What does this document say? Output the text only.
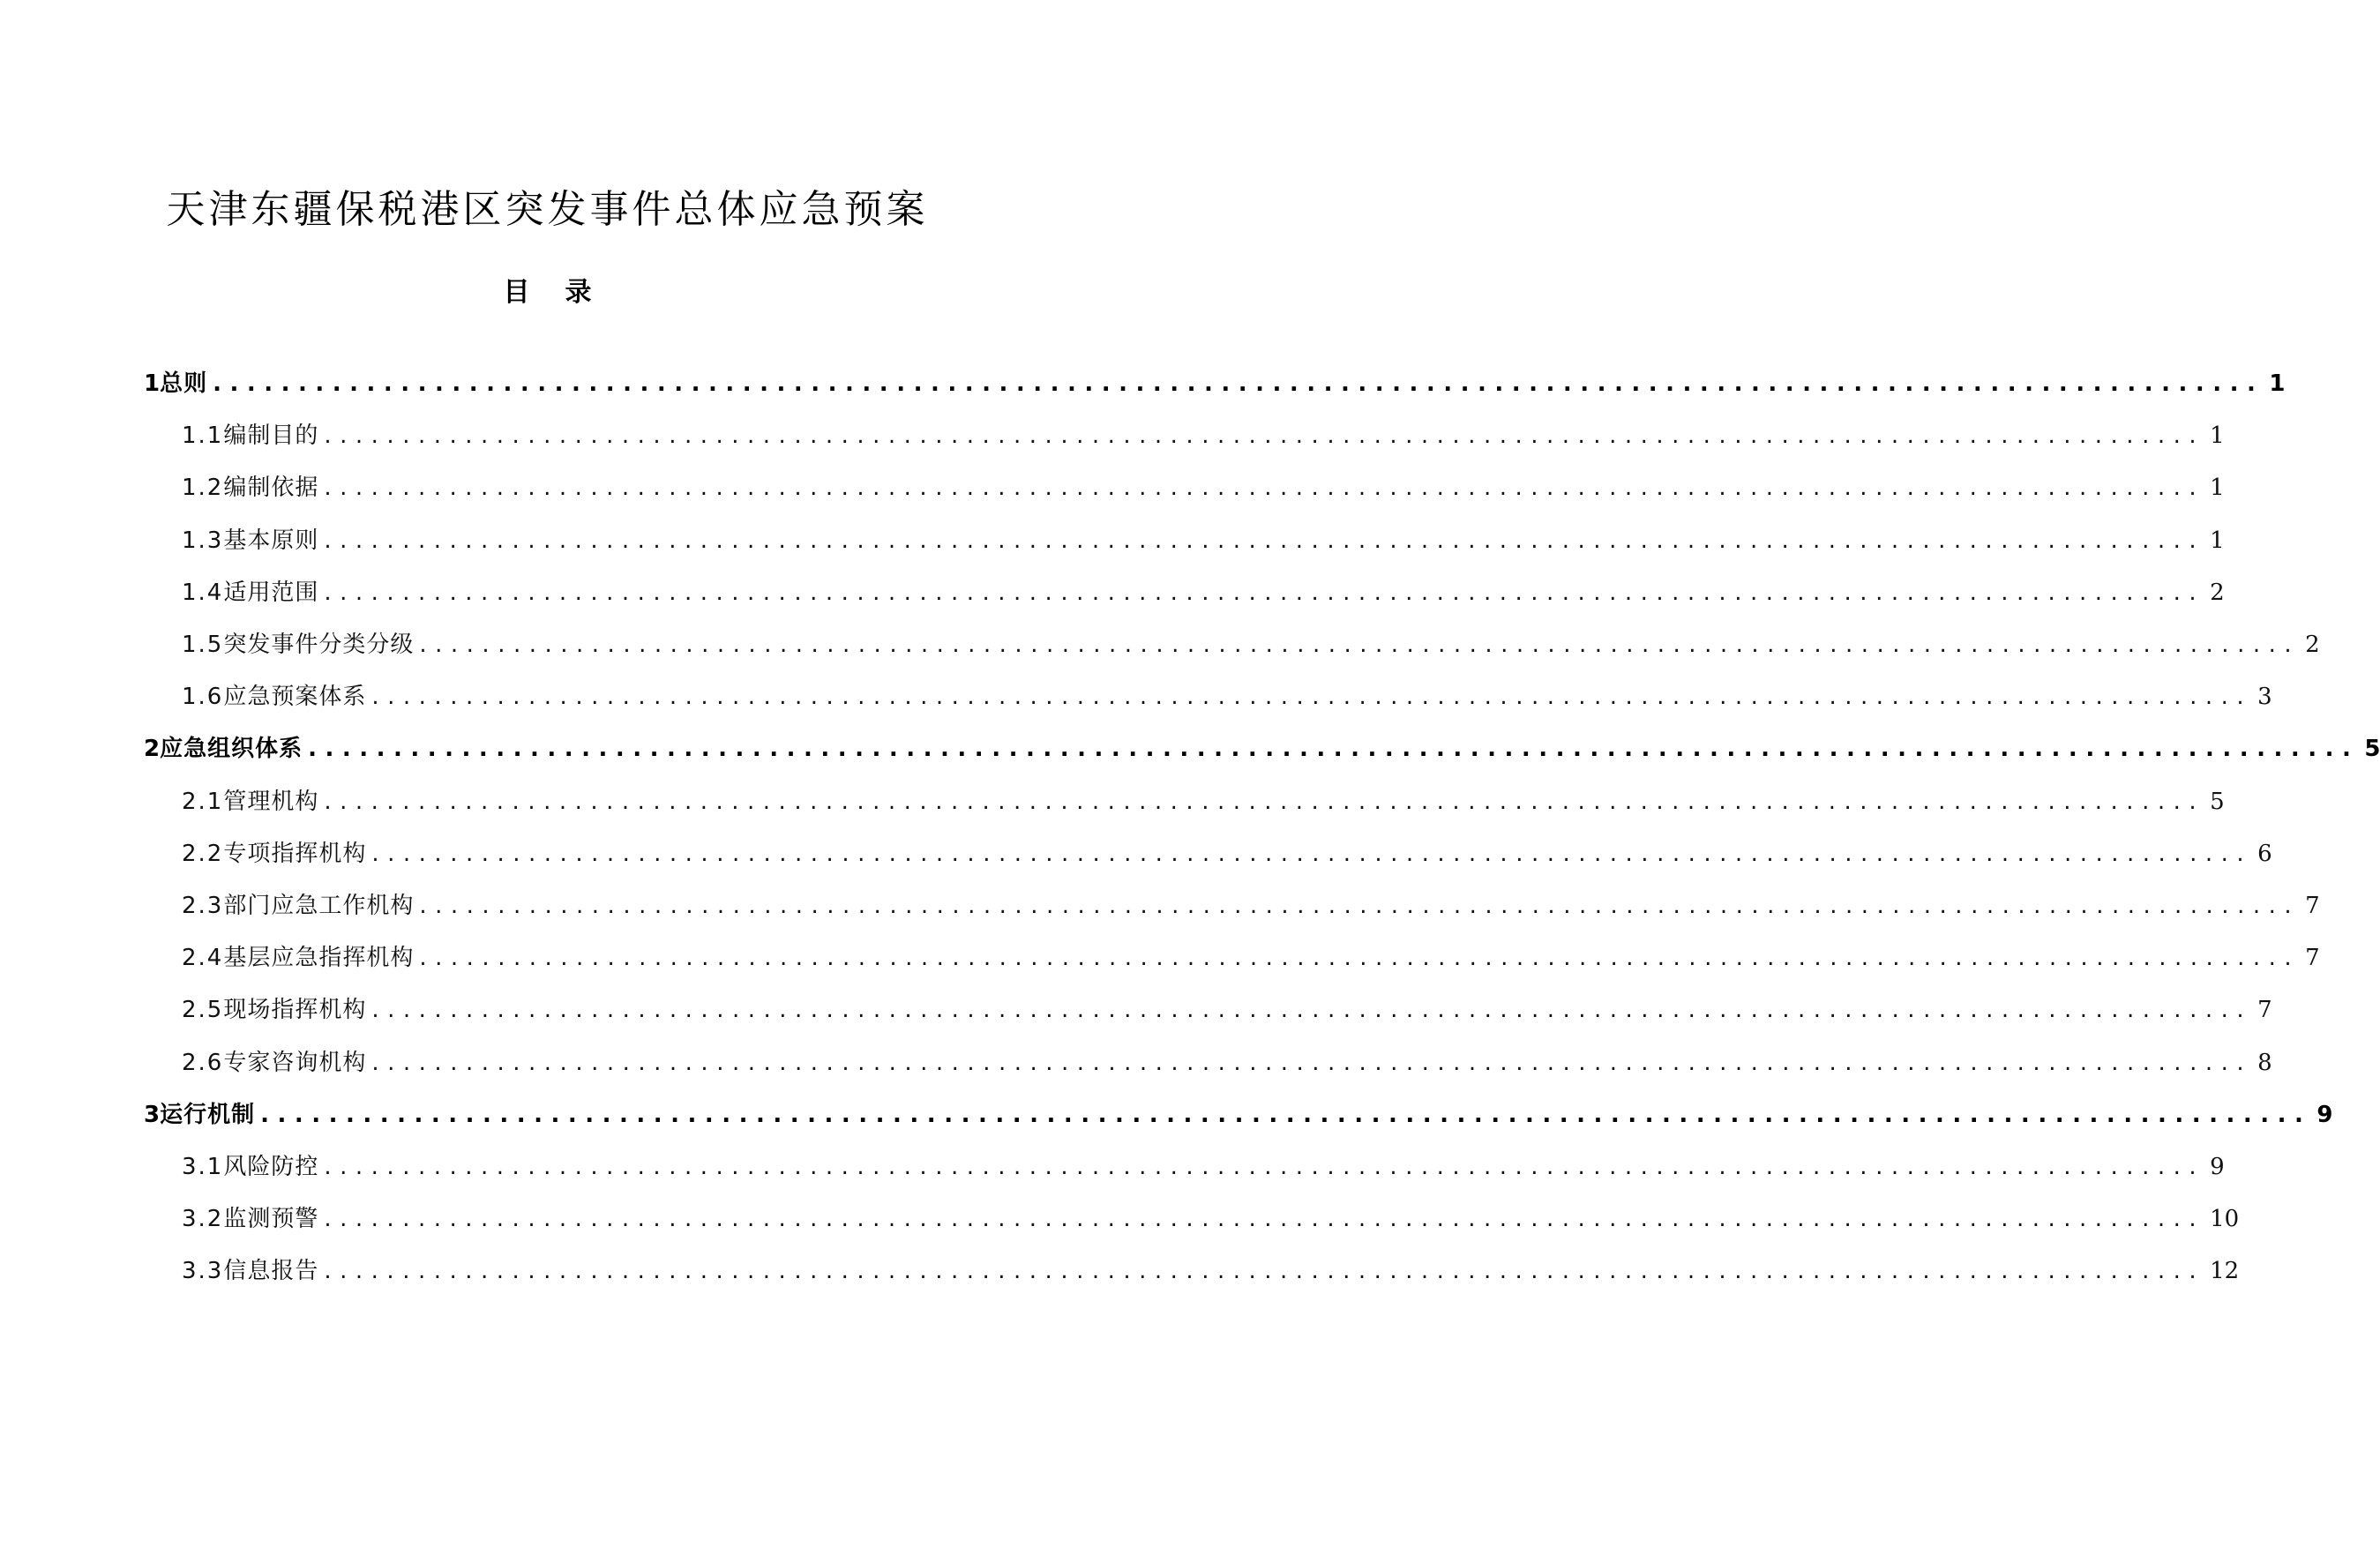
天津东疆保税港区突发事件总体应急预案
目录
1 总则 ........................................................................................................................ 1
1.1 编制目的 ........................................................................................................................ 1
1.2 编制依据 ........................................................................................................................ 1
1.3 基本原则 ........................................................................................................................ 1
1.4 适用范围 ........................................................................................................................ 2
1.5 突发事件分类分级 ........................................................................................................................ 2
1.6 应急预案体系 ........................................................................................................................ 3
2 应急组织体系 ........................................................................................................................ 5
2.1 管理机构 ........................................................................................................................ 5
2.2 专项指挥机构 ........................................................................................................................ 6
2.3 部门应急工作机构 ........................................................................................................................ 7
2.4 基层应急指挥机构 ........................................................................................................................ 7
2.5 现场指挥机构 ........................................................................................................................ 7
2.6 专家咨询机构 ........................................................................................................................ 8
3 运行机制 ........................................................................................................................ 9
3.1 风险防控 ........................................................................................................................ 9
3.2 监测预警 ........................................................................................................................ 10
3.3 信息报告 ........................................................................................................................ 12
